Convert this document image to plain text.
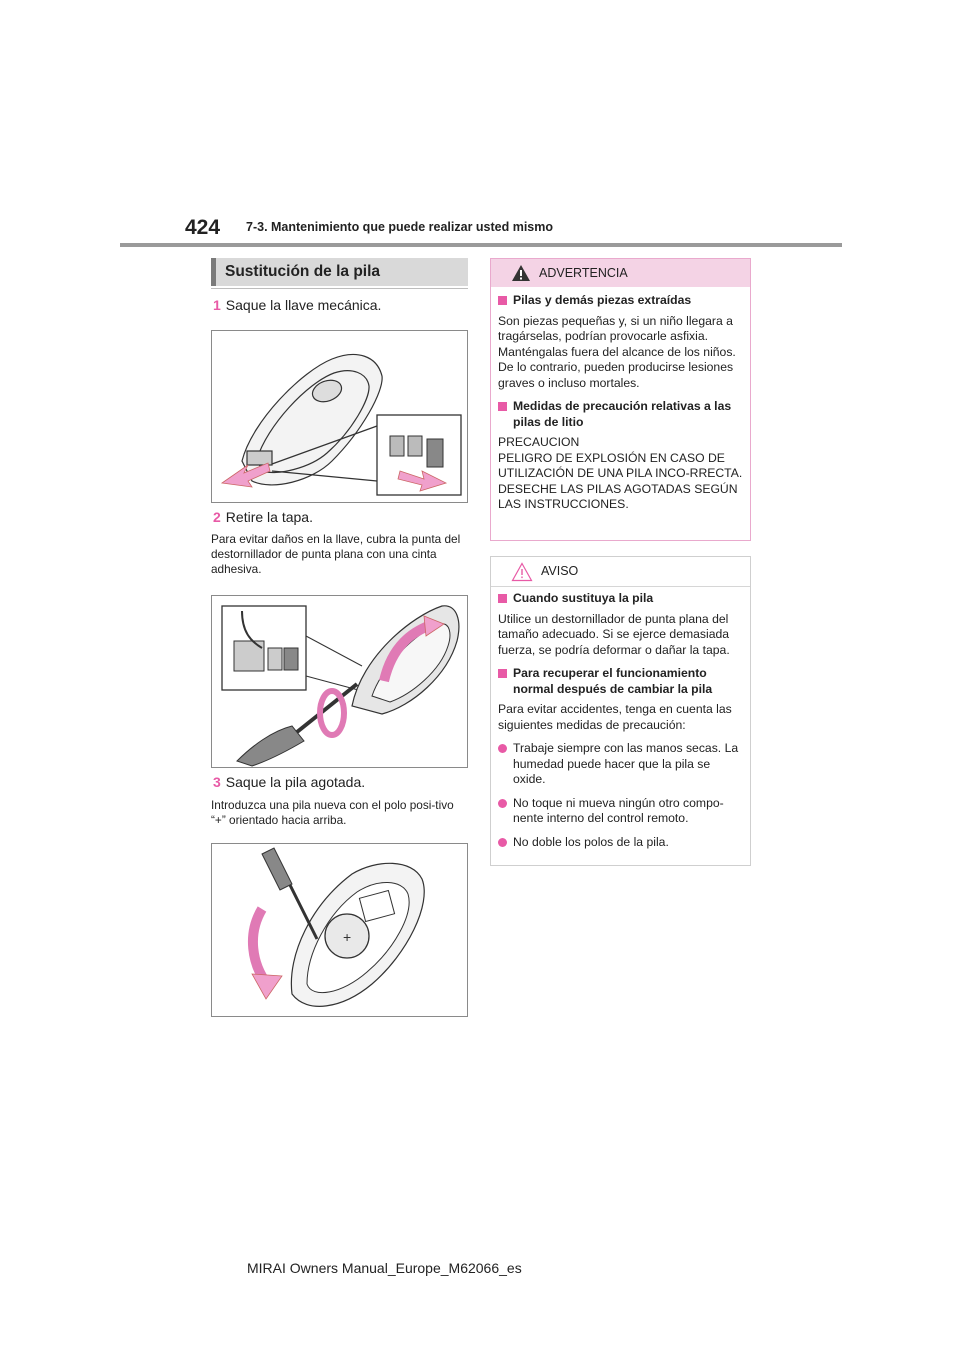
424 7-3. Mantenimiento que puede realizar usted mismo
Sustitución de la pila
1 Saque la llave mecánica.
2 Retire la tapa.
Para evitar daños en la llave, cubra la punta del destornillador de punta plana con una cinta adhesiva.
3 Saque la pila agotada.
Introduzca una pila nueva con el polo posi-tivo “+” orientado hacia arriba.
+
ADVERTENCIA
Pilas y demás piezas extraídas
Son piezas pequeñas y, si un niño llegara a tragárselas, podrían provocarle asfixia. Manténgalas fuera del alcance de los niños. De lo contrario, pueden producirse lesiones graves o incluso mortales.
Medidas de precaución relativas a las pilas de litio
PRECAUCION
PELIGRO DE EXPLOSIÓN EN CASO DE UTILIZACIÓN DE UNA PILA INCO-RRECTA.
DESECHE LAS PILAS AGOTADAS SEGÚN LAS INSTRUCCIONES.
AVISO
Cuando sustituya la pila
Utilice un destornillador de punta plana del tamaño adecuado. Si se ejerce demasiada fuerza, se podría deformar o dañar la tapa.
Para recuperar el funcionamiento normal después de cambiar la pila
Para evitar accidentes, tenga en cuenta las siguientes medidas de precaución:
Trabaje siempre con las manos secas. La humedad puede hacer que la pila se oxide.
No toque ni mueva ningún otro compo-nente interno del control remoto.
No doble los polos de la pila.
MIRAI Owners Manual_Europe_M62066_es
